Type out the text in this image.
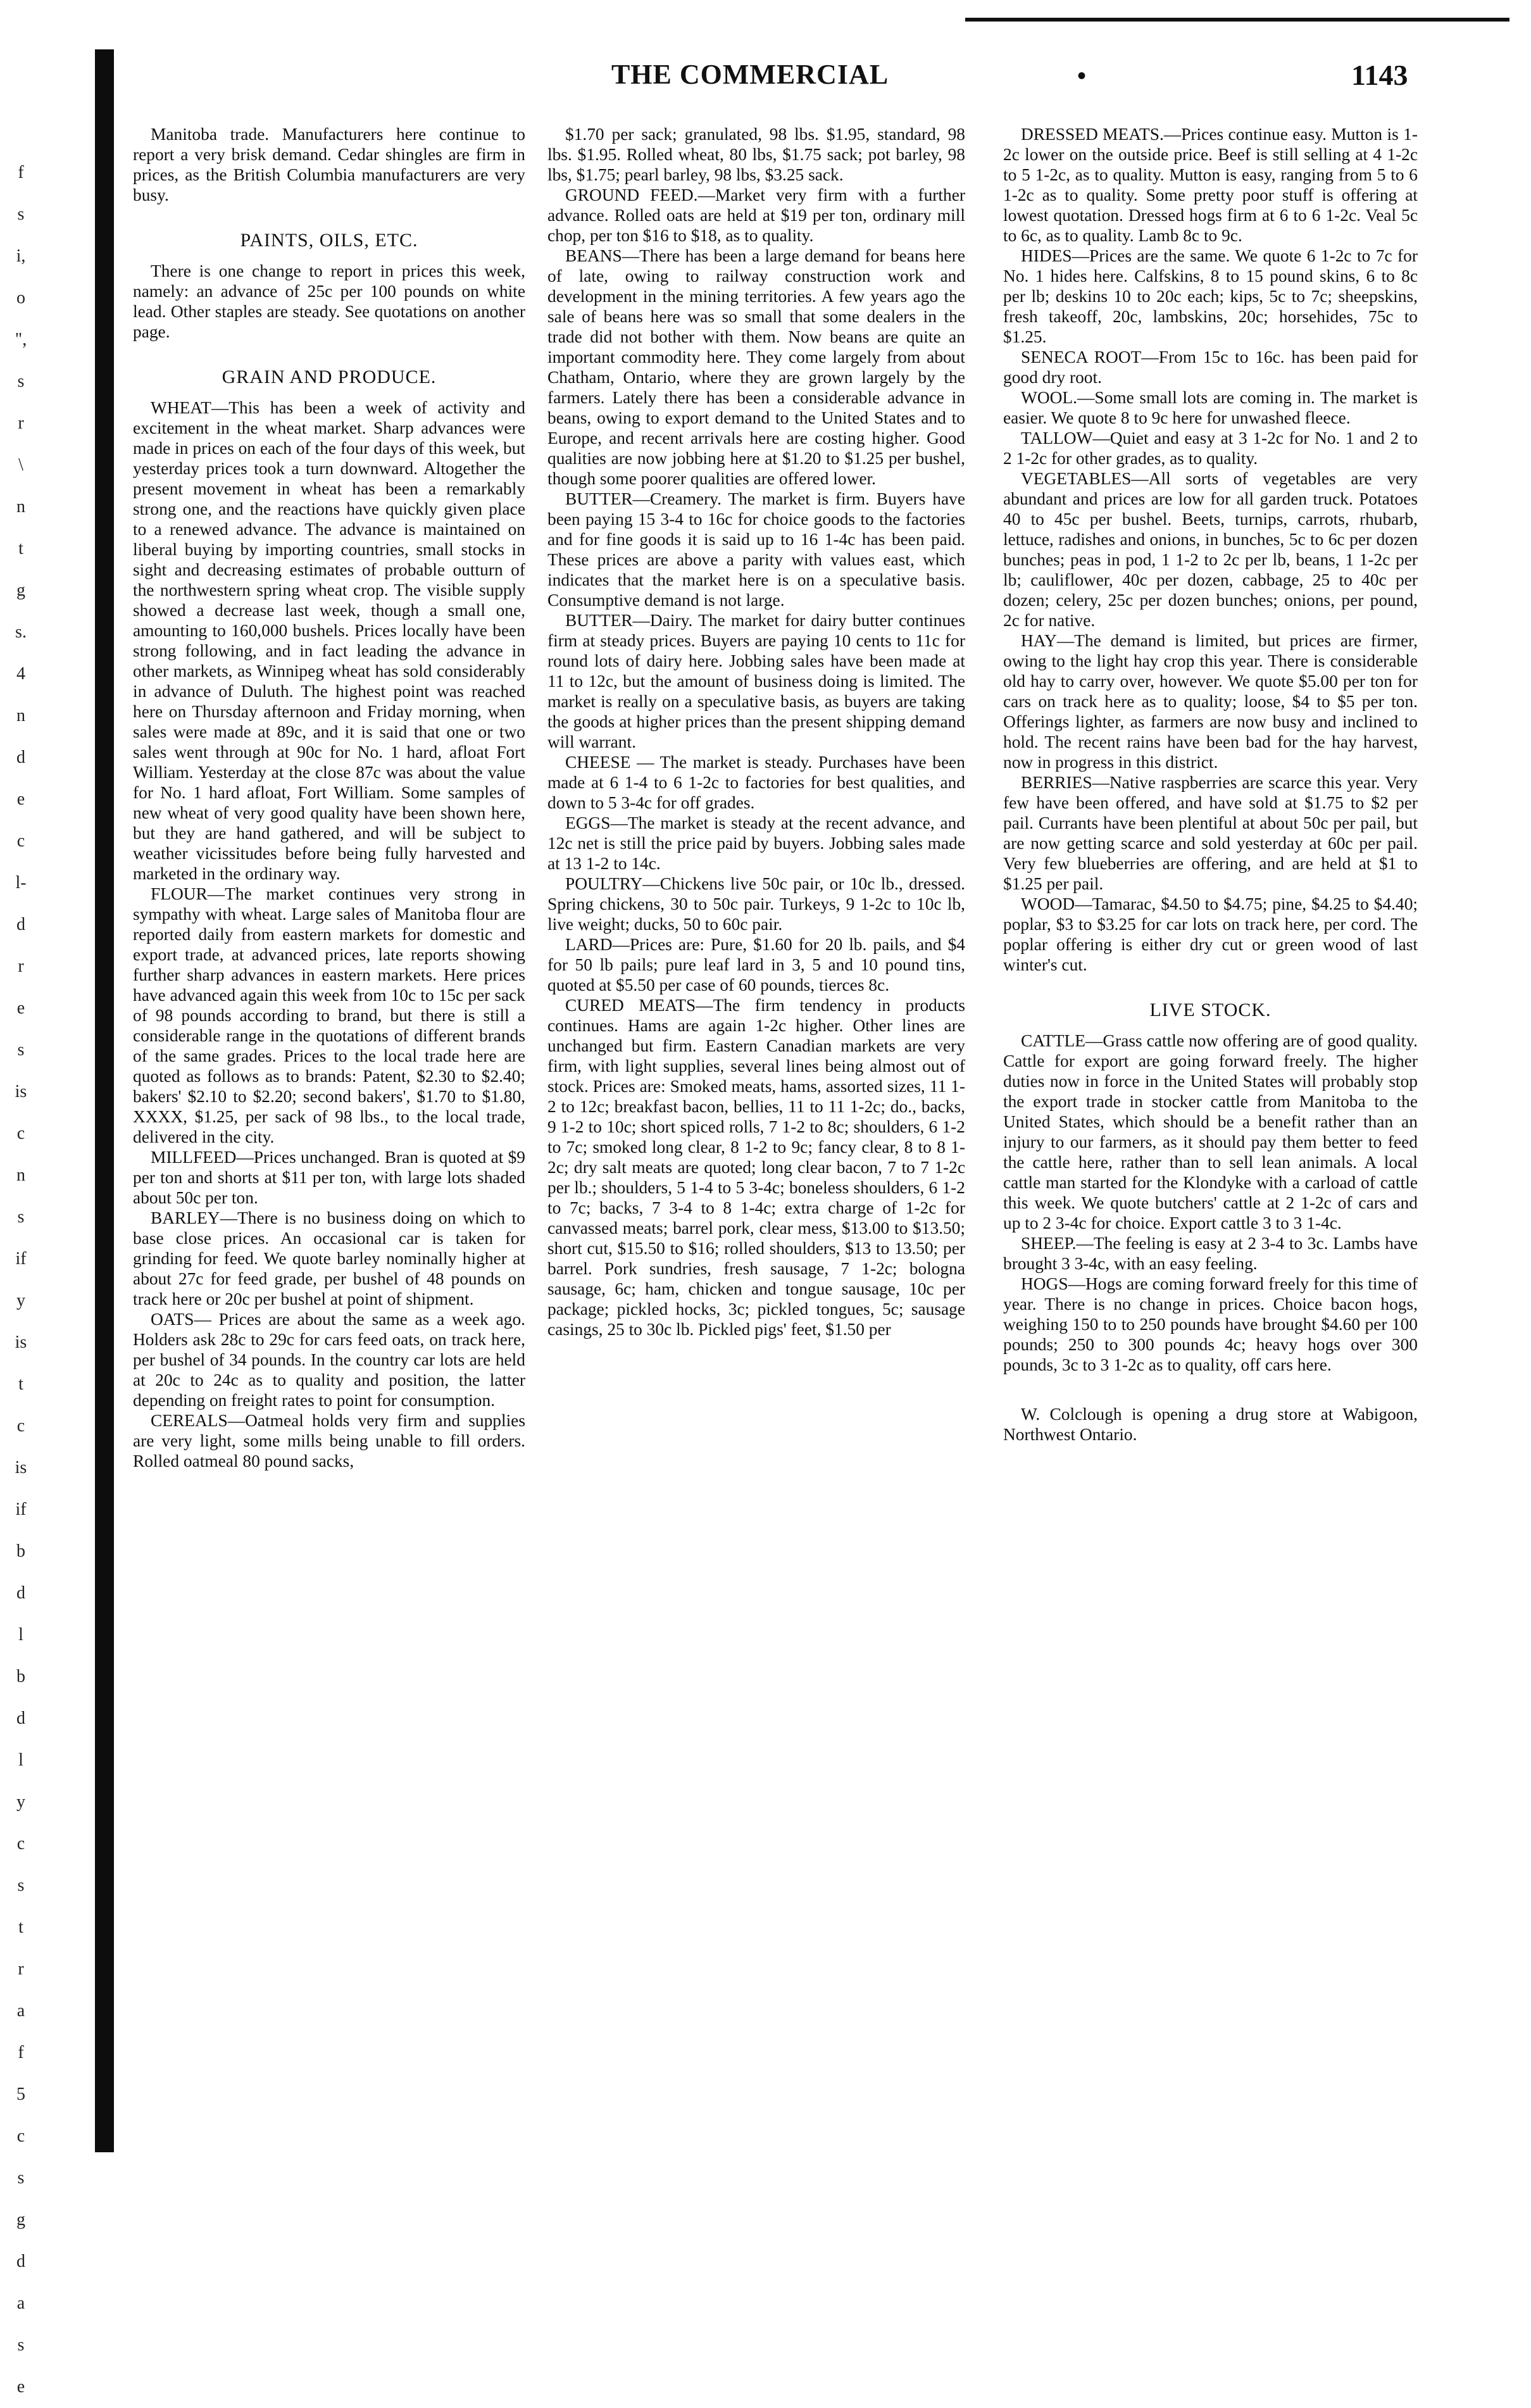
f
s
i,
o
",
s
r
\
n
t
g
s.
4
n
d
e
c
l-
d
r
e
s
is
c
n
s
if
y
is
t
c
is
if
b
d
l
b
d
l
y
c
s
t
r
a
f
5
c
s
g
d
a
s
e
THE COMMERCIAL	•	1143

Manitoba trade. Manufacturers here continue to report a very brisk demand. Cedar shingles are firm in prices, as the British Columbia manufacturers are very busy.

PAINTS, OILS, ETC.

There is one change to report in prices this week, namely: an advance of 25c per 100 pounds on white lead. Other staples are steady. See quotations on another page.

GRAIN AND PRODUCE.

WHEAT—This has been a week of activity and excitement in the wheat market. Sharp advances were made in prices on each of the four days of this week, but yesterday prices took a turn downward. Altogether the present movement in wheat has been a remarkably strong one, and the reactions have quickly given place to a renewed advance. The advance is maintained on liberal buying by importing countries, small stocks in sight and decreasing estimates of probable outturn of the northwestern spring wheat crop. The visible supply showed a decrease last week, though a small one, amounting to 160,000 bushels. Prices locally have been strong following, and in fact leading the advance in other markets, as Winnipeg wheat has sold considerably in advance of Duluth. The highest point was reached here on Thursday afternoon and Friday morning, when sales were made at 89c, and it is said that one or two sales went through at 90c for No. 1 hard, afloat Fort William. Yesterday at the close 87c was about the value for No. 1 hard afloat, Fort William. Some samples of new wheat of very good quality have been shown here, but they are hand gathered, and will be subject to weather vicissitudes before being fully harvested and marketed in the ordinary way.

FLOUR—The market continues very strong in sympathy with wheat. Large sales of Manitoba flour are reported daily from eastern markets for domestic and export trade, at advanced prices, late reports showing further sharp advances in eastern markets. Here prices have advanced again this week from 10c to 15c per sack of 98 pounds according to brand, but there is still a considerable range in the quotations of different brands of the same grades. Prices to the local trade here are quoted as follows as to brands: Patent, $2.30 to $2.40; bakers' $2.10 to $2.20; second bakers', $1.70 to $1.80, XXXX, $1.25, per sack of 98 lbs., to the local trade, delivered in the city.

MILLFEED—Prices unchanged. Bran is quoted at $9 per ton and shorts at $11 per ton, with large lots shaded about 50c per ton.

BARLEY—There is no business doing on which to base close prices. An occasional car is taken for grinding for feed. We quote barley nominally higher at about 27c for feed grade, per bushel of 48 pounds on track here or 20c per bushel at point of shipment.

OATS— Prices are about the same as a week ago. Holders ask 28c to 29c for cars feed oats, on track here, per bushel of 34 pounds. In the country car lots are held at 20c to 24c as to quality and position, the latter depending on freight rates to point for consumption.

CEREALS—Oatmeal holds very firm and supplies are very light, some mills being unable to fill orders. Rolled oatmeal 80 pound sacks,

$1.70 per sack; granulated, 98 lbs. $1.95, standard, 98 lbs. $1.95. Rolled wheat, 80 lbs, $1.75 sack; pot barley, 98 lbs, $1.75; pearl barley, 98 lbs, $3.25 sack.

GROUND FEED.—Market very firm with a further advance. Rolled oats are held at $19 per ton, ordinary mill chop, per ton $16 to $18, as to quality.

BEANS—There has been a large demand for beans here of late, owing to railway construction work and development in the mining territories. A few years ago the sale of beans here was so small that some dealers in the trade did not bother with them. Now beans are quite an important commodity here. They come largely from about Chatham, Ontario, where they are grown largely by the farmers. Lately there has been a considerable advance in beans, owing to export demand to the United States and to Europe, and recent arrivals here are costing higher. Good qualities are now jobbing here at $1.20 to $1.25 per bushel, though some poorer qualities are offered lower.

BUTTER—Creamery. The market is firm. Buyers have been paying 15 3-4 to 16c for choice goods to the factories and for fine goods it is said up to 16 1-4c has been paid. These prices are above a parity with values east, which indicates that the market here is on a speculative basis. Consumptive demand is not large.

BUTTER—Dairy. The market for dairy butter continues firm at steady prices. Buyers are paying 10 cents to 11c for round lots of dairy here. Jobbing sales have been made at 11 to 12c, but the amount of business doing is limited. The market is really on a speculative basis, as buyers are taking the goods at higher prices than the present shipping demand will warrant.

CHEESE — The market is steady. Purchases have been made at 6 1-4 to 6 1-2c to factories for best qualities, and down to 5 3-4c for off grades.

EGGS—The market is steady at the recent advance, and 12c net is still the price paid by buyers. Jobbing sales made at 13 1-2 to 14c.

POULTRY—Chickens live 50c pair, or 10c lb., dressed. Spring chickens, 30 to 50c pair. Turkeys, 9 1-2c to 10c lb, live weight; ducks, 50 to 60c pair.

LARD—Prices are: Pure, $1.60 for 20 lb. pails, and $4 for 50 lb pails; pure leaf lard in 3, 5 and 10 pound tins, quoted at $5.50 per case of 60 pounds, tierces 8c.

CURED MEATS—The firm tendency in products continues. Hams are again 1-2c higher. Other lines are unchanged but firm. Eastern Canadian markets are very firm, with light supplies, several lines being almost out of stock. Prices are: Smoked meats, hams, assorted sizes, 11 1-2 to 12c; breakfast bacon, bellies, 11 to 11 1-2c; do., backs, 9 1-2 to 10c; short spiced rolls, 7 1-2 to 8c; shoulders, 6 1-2 to 7c; smoked long clear, 8 1-2 to 9c; fancy clear, 8 to 8 1-2c; dry salt meats are quoted; long clear bacon, 7 to 7 1-2c per lb.; shoulders, 5 1-4 to 5 3-4c; boneless shoulders, 6 1-2 to 7c; backs, 7 3-4 to 8 1-4c; extra charge of 1-2c for canvassed meats; barrel pork, clear mess, $13.00 to $13.50; short cut, $15.50 to $16; rolled shoulders, $13 to 13.50; per barrel. Pork sundries, fresh sausage, 7 1-2c; bologna sausage, 6c; ham, chicken and tongue sausage, 10c per package; pickled hocks, 3c; pickled tongues, 5c; sausage casings, 25 to 30c lb. Pickled pigs' feet, $1.50 per

DRESSED MEATS.—Prices continue easy. Mutton is 1-2c lower on the outside price. Beef is still selling at 4 1-2c to 5 1-2c, as to quality. Mutton is easy, ranging from 5 to 6 1-2c as to quality. Some pretty poor stuff is offering at lowest quotation. Dressed hogs firm at 6 to 6 1-2c. Veal 5c to 6c, as to quality. Lamb 8c to 9c.

HIDES—Prices are the same. We quote 6 1-2c to 7c for No. 1 hides here. Calfskins, 8 to 15 pound skins, 6 to 8c per lb; deskins 10 to 20c each; kips, 5c to 7c; sheepskins, fresh takeoff, 20c, lambskins, 20c; horsehides, 75c to $1.25.

SENECA ROOT—From 15c to 16c. has been paid for good dry root.

WOOL.—Some small lots are coming in. The market is easier. We quote 8 to 9c here for unwashed fleece.

TALLOW—Quiet and easy at 3 1-2c for No. 1 and 2 to 2 1-2c for other grades, as to quality.

VEGETABLES—All sorts of vegetables are very abundant and prices are low for all garden truck. Potatoes 40 to 45c per bushel. Beets, turnips, carrots, rhubarb, lettuce, radishes and onions, in bunches, 5c to 6c per dozen bunches; peas in pod, 1 1-2 to 2c per lb, beans, 1 1-2c per lb; cauliflower, 40c per dozen, cabbage, 25 to 40c per dozen; celery, 25c per dozen bunches; onions, per pound, 2c for native.

HAY—The demand is limited, but prices are firmer, owing to the light hay crop this year. There is considerable old hay to carry over, however. We quote $5.00 per ton for cars on track here as to quality; loose, $4 to $5 per ton. Offerings lighter, as farmers are now busy and inclined to hold. The recent rains have been bad for the hay harvest, now in progress in this district.

BERRIES—Native raspberries are scarce this year. Very few have been offered, and have sold at $1.75 to $2 per pail. Currants have been plentiful at about 50c per pail, but are now getting scarce and sold yesterday at 60c per pail. Very few blueberries are offering, and are held at $1 to $1.25 per pail.

WOOD—Tamarac, $4.50 to $4.75; pine, $4.25 to $4.40; poplar, $3 to $3.25 for car lots on track here, per cord. The poplar offering is either dry cut or green wood of last winter's cut.

LIVE STOCK.

CATTLE—Grass cattle now offering are of good quality. Cattle for export are going forward freely. The higher duties now in force in the United States will probably stop the export trade in stocker cattle from Manitoba to the United States, which should be a benefit rather than an injury to our farmers, as it should pay them better to feed the cattle here, rather than to sell lean animals. A local cattle man started for the Klondyke with a carload of cattle this week. We quote butchers' cattle at 2 1-2c of cars and up to 2 3-4c for choice. Export cattle 3 to 3 1-4c.

SHEEP.—The feeling is easy at 2 3-4 to 3c. Lambs have brought 3 3-4c, with an easy feeling.

HOGS—Hogs are coming forward freely for this time of year. There is no change in prices. Choice bacon hogs, weighing 150 to to 250 pounds have brought $4.60 per 100 pounds; 250 to 300 pounds 4c; heavy hogs over 300 pounds, 3c to 3 1-2c as to quality, off cars here.

W. Colclough is opening a drug store at Wabigoon, Northwest Ontario.
